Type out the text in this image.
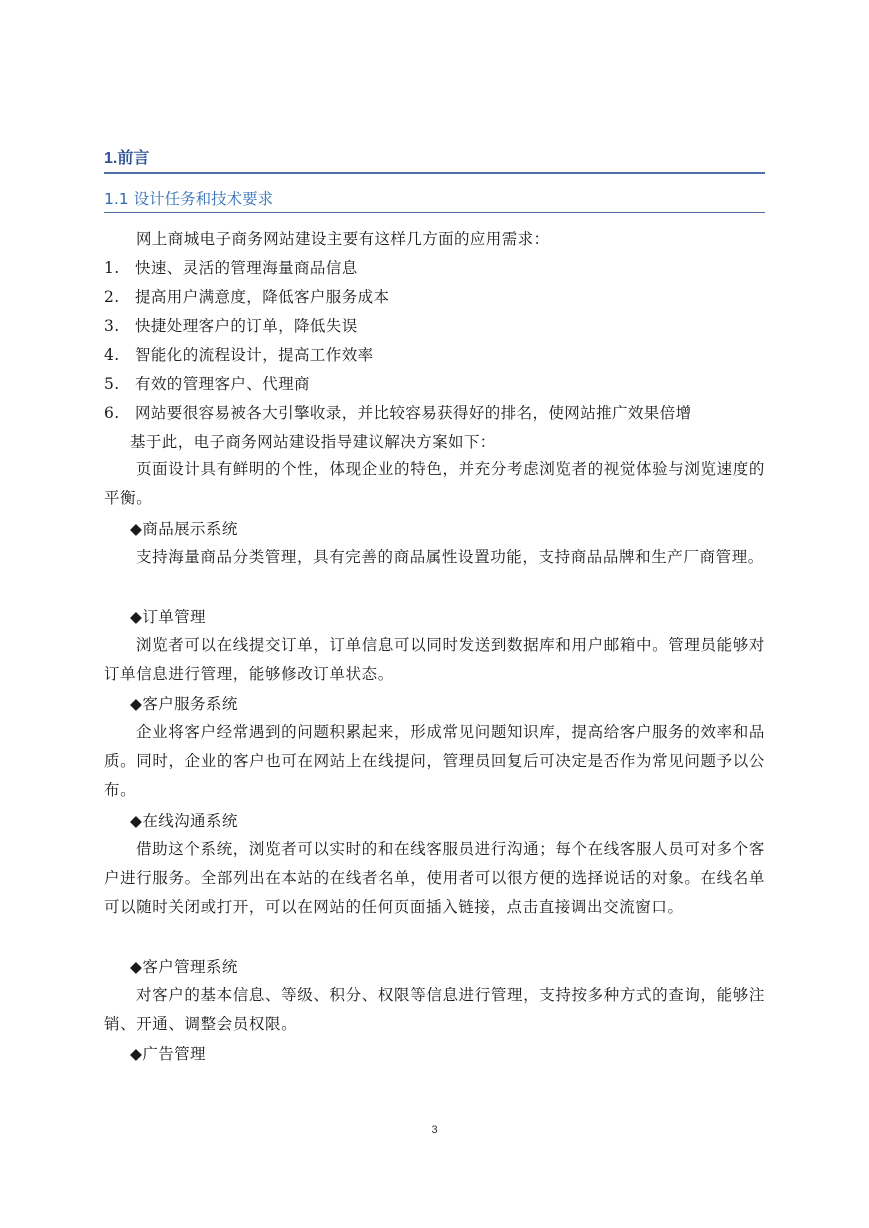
1.前言
1.1 设计任务和技术要求
网上商城电子商务网站建设主要有这样几方面的应用需求：
1. 快速、灵活的管理海量商品信息
2. 提高用户满意度，降低客户服务成本
3. 快捷处理客户的订单，降低失误
4. 智能化的流程设计，提高工作效率
5. 有效的管理客户、代理商
6. 网站要很容易被各大引擎收录，并比较容易获得好的排名，使网站推广效果倍增
基于此，电子商务网站建设指导建议解决方案如下：
页面设计具有鲜明的个性，体现企业的特色，并充分考虑浏览者的视觉体验与浏览速度的平衡。
◆商品展示系统
支持海量商品分类管理，具有完善的商品属性设置功能，支持商品品牌和生产厂商管理。
◆订单管理
浏览者可以在线提交订单，订单信息可以同时发送到数据库和用户邮箱中。管理员能够对订单信息进行管理，能够修改订单状态。
◆客户服务系统
企业将客户经常遇到的问题积累起来，形成常见问题知识库，提高给客户服务的效率和品质。同时，企业的客户也可在网站上在线提问，管理员回复后可决定是否作为常见问题予以公布。
◆在线沟通系统
借助这个系统，浏览者可以实时的和在线客服员进行沟通；每个在线客服人员可对多个客户进行服务。全部列出在本站的在线者名单，使用者可以很方便的选择说话的对象。在线名单可以随时关闭或打开，可以在网站的任何页面插入链接，点击直接调出交流窗口。
◆客户管理系统
对客户的基本信息、等级、积分、权限等信息进行管理，支持按多种方式的查询，能够注销、开通、调整会员权限。
◆广告管理
3
